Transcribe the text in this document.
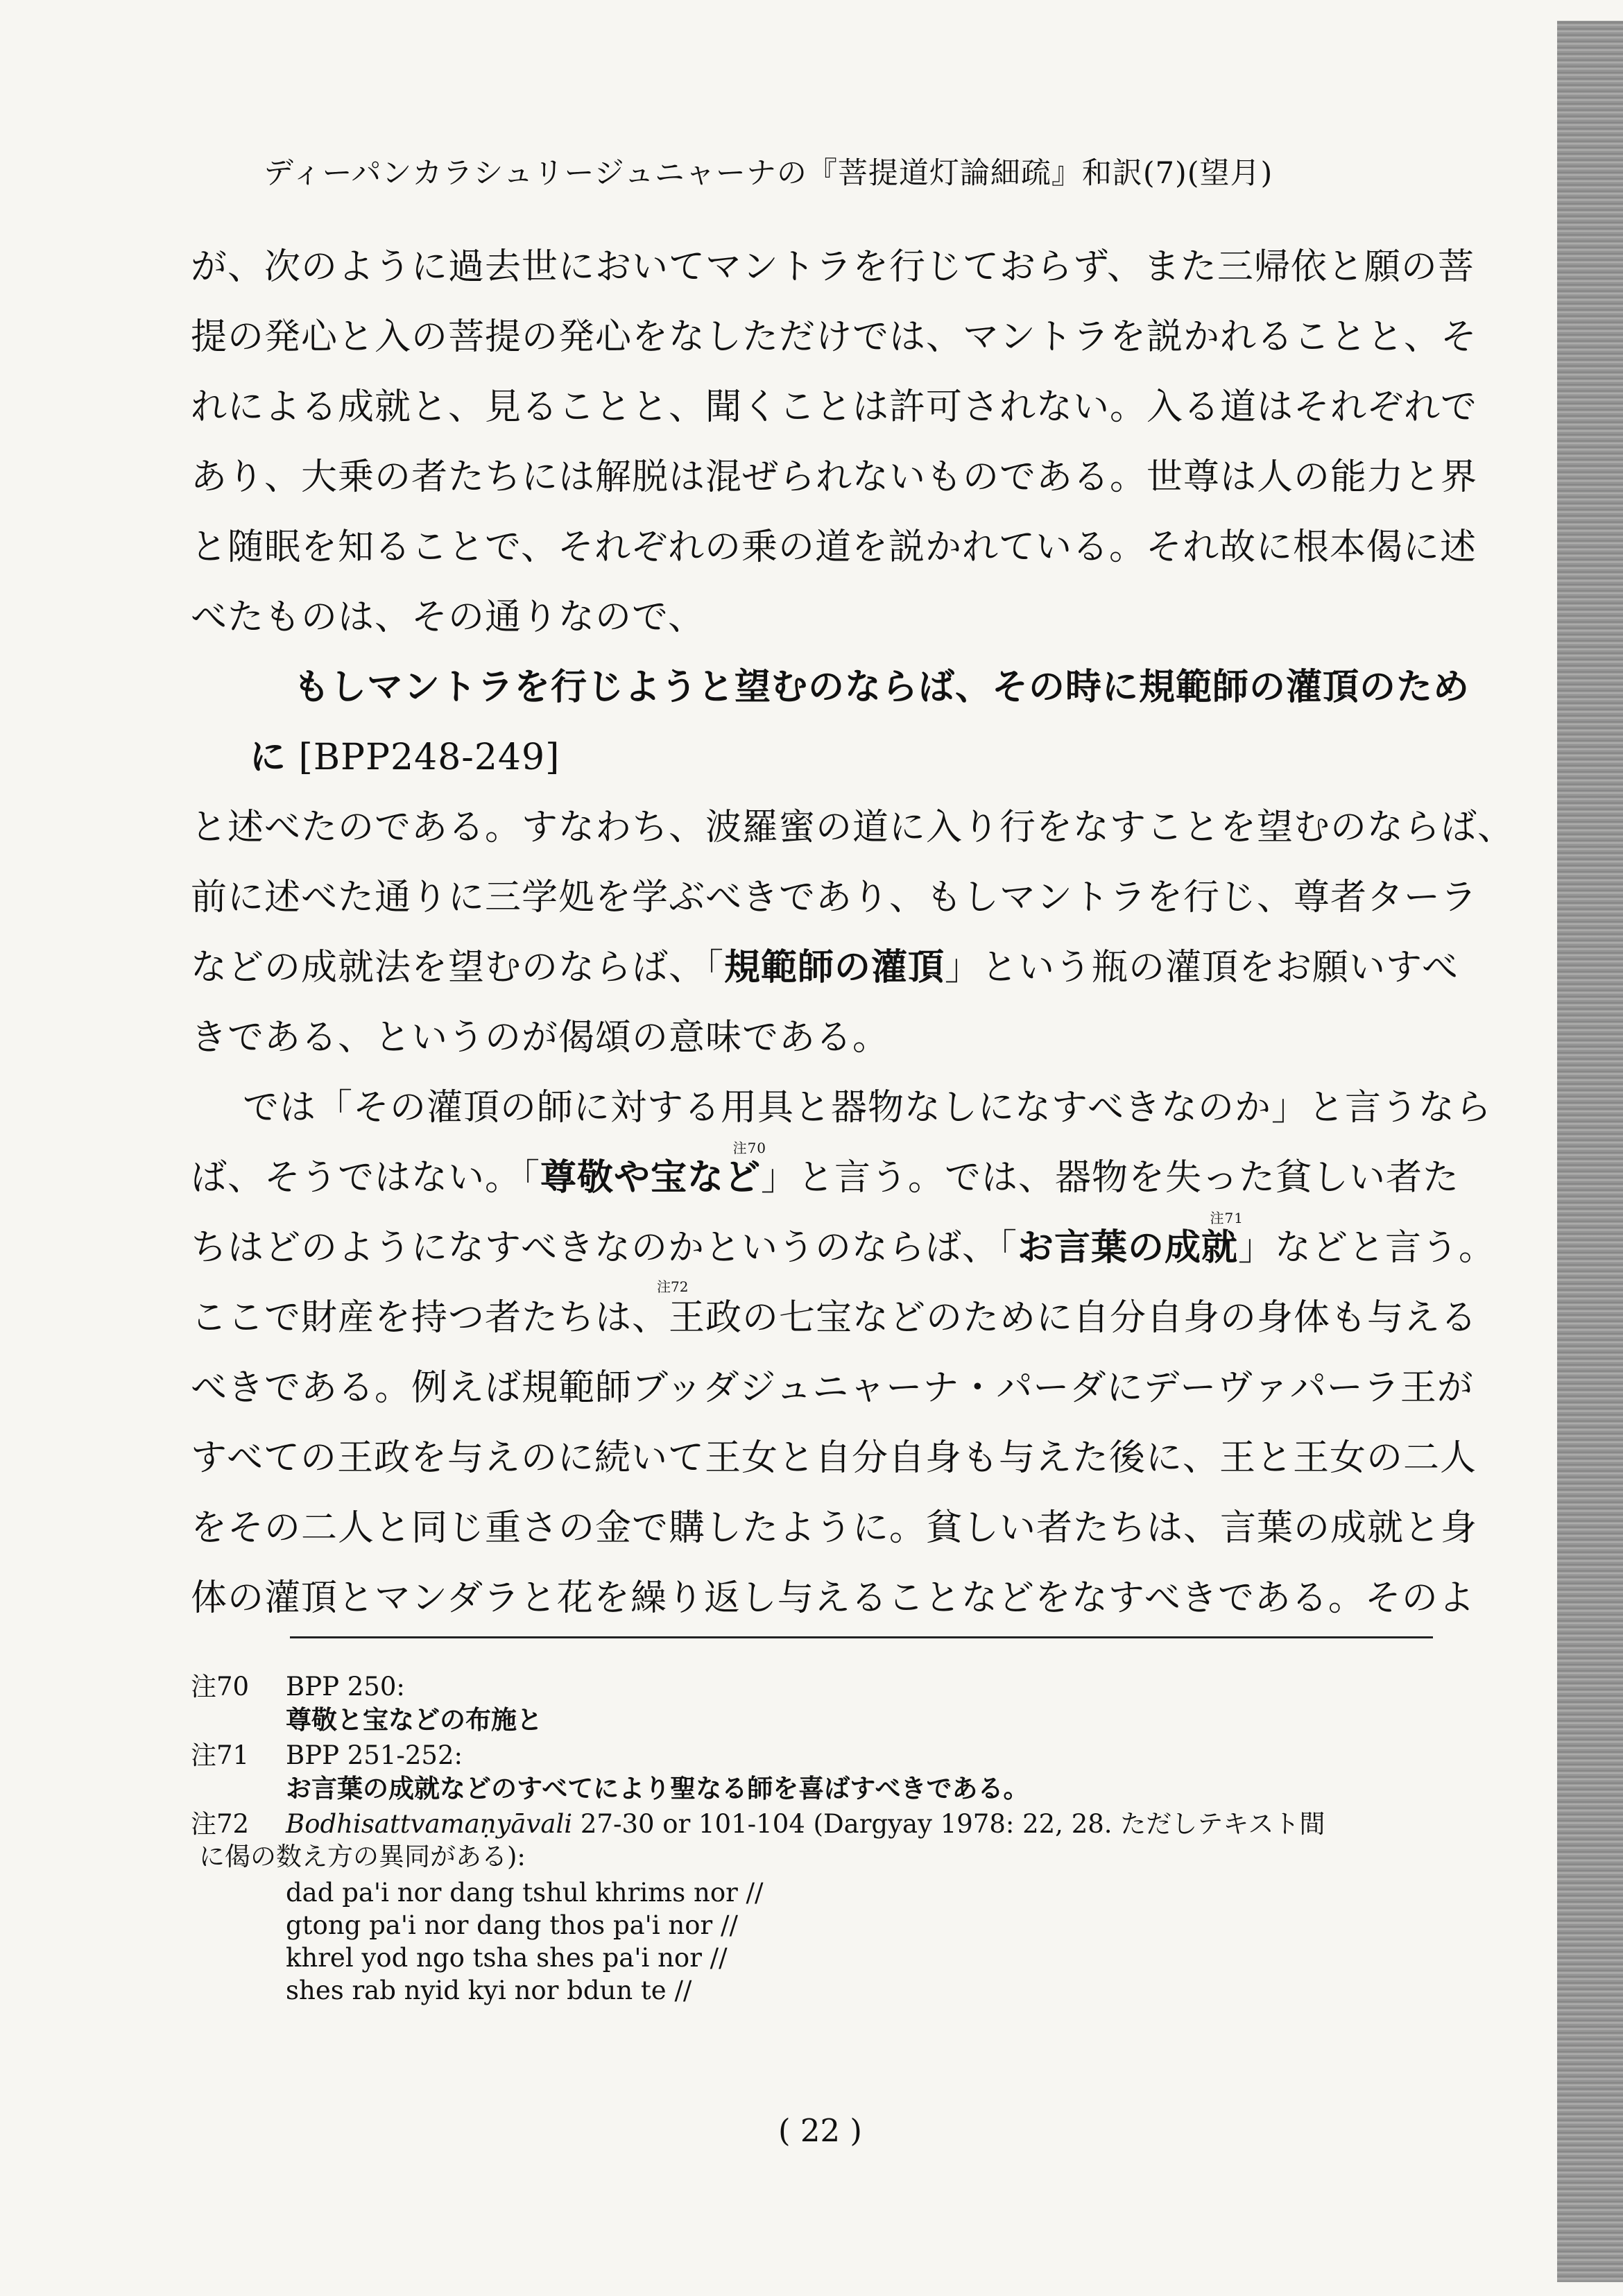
ディーパンカラシュリージュニャーナの『菩提道灯論細疏』和訳(7)(望月)
が、次のように過去世においてマントラを行じておらず、また三帰依と願の菩
提の発心と入の菩提の発心をなしただけでは、マントラを説かれることと、そ
れによる成就と、見ることと、聞くことは許可されない。入る道はそれぞれで
あり、大乗の者たちには解脱は混ぜられないものである。世尊は人の能力と界
と随眠を知ることで、それぞれの乗の道を説かれている。それ故に根本偈に述
べたものは、その通りなので、
もしマントラを行じようと望むのならば、その時に規範師の灌頂のため
に [BPP248-249]
と述べたのである。すなわち、波羅蜜の道に入り行をなすことを望むのならば、
前に述べた通りに三学処を学ぶべきであり、もしマントラを行じ、尊者ターラ
などの成就法を望むのならば、「規範師の灌頂」という瓶の灌頂をお願いすべ
きである、というのが偈頌の意味である。
では「その灌頂の師に対する用具と器物なしになすべきなのか」と言うなら
ば、そうではない。「尊敬や宝など
注70
」と言う。では、器物を失った貧しい者た
ちはどのようになすべきなのかというのならば、「お言葉の成就
注71
」などと言う。
ここで財産を持つ者たちは、王政の七宝などのために自分自身の身体も与える
注72
べきである。例えば規範師ブッダジュニャーナ・パーダにデーヴァパーラ王が
すべての王政を与えのに続いて王女と自分自身も与えた後に、王と王女の二人
をその二人と同じ重さの金で購したように。貧しい者たちは、言葉の成就と身
体の灌頂とマンダラと花を繰り返し与えることなどをなすべきである。そのよ
注70 BPP 250:
尊敬と宝などの布施と
注71 BPP 251-252:
お言葉の成就などのすべてにより聖なる師を喜ばすべきである。
注72 Bodhisattvamaṇyāvali 27-30 or 101-104 (Dargyay 1978: 22, 28. ただしテキスト間
に偈の数え方の異同がある):
dad pa'i nor dang tshul khrims nor //
gtong pa'i nor dang thos pa'i nor //
khrel yod ngo tsha shes pa'i nor //
shes rab nyid kyi nor bdun te //
( 22 )
